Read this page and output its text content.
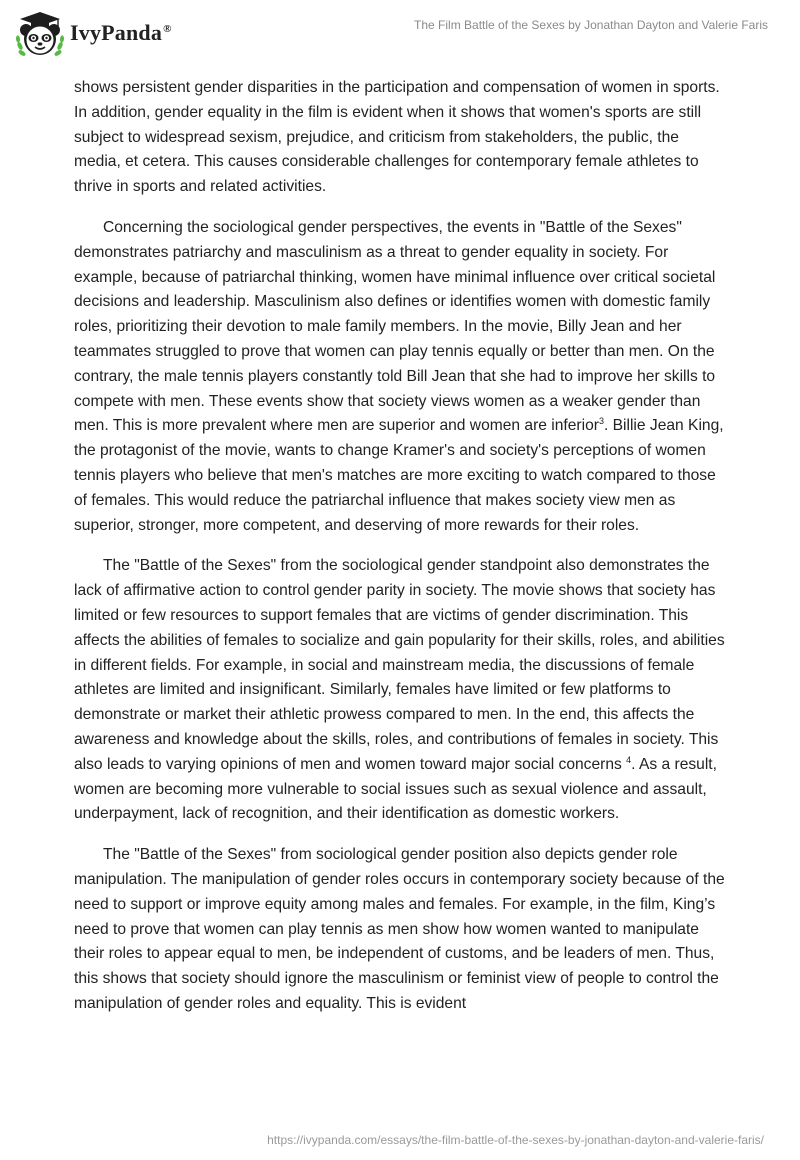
IvyPanda®	The Film Battle of the Sexes by Jonathan Dayton and Valerie Faris

shows persistent gender disparities in the participation and compensation of women in sports. In addition, gender equality in the film is evident when it shows that women's sports are still subject to widespread sexism, prejudice, and criticism from stakeholders, the public, the media, et cetera. This causes considerable challenges for contemporary female athletes to thrive in sports and related activities.

Concerning the sociological gender perspectives, the events in "Battle of the Sexes" demonstrates patriarchy and masculinism as a threat to gender equality in society. For example, because of patriarchal thinking, women have minimal influence over critical societal decisions and leadership. Masculinism also defines or identifies women with domestic family roles, prioritizing their devotion to male family members. In the movie, Billy Jean and her teammates struggled to prove that women can play tennis equally or better than men. On the contrary, the male tennis players constantly told Bill Jean that she had to improve her skills to compete with men. These events show that society views women as a weaker gender than men. This is more prevalent where men are superior and women are inferior$^3$. Billie Jean King, the protagonist of the movie, wants to change Kramer's and society's perceptions of women tennis players who believe that men's matches are more exciting to watch compared to those of females. This would reduce the patriarchal influence that makes society view men as superior, stronger, more competent, and deserving of more rewards for their roles.

The "Battle of the Sexes" from the sociological gender standpoint also demonstrates the lack of affirmative action to control gender parity in society. The movie shows that society has limited or few resources to support females that are victims of gender discrimination. This affects the abilities of females to socialize and gain popularity for their skills, roles, and abilities in different fields. For example, in social and mainstream media, the discussions of female athletes are limited and insignificant. Similarly, females have limited or few platforms to demonstrate or market their athletic prowess compared to men. In the end, this affects the awareness and knowledge about the skills, roles, and contributions of females in society. This also leads to varying opinions of men and women toward major social concerns $^4$. As a result, women are becoming more vulnerable to social issues such as sexual violence and assault, underpayment, lack of recognition, and their identification as domestic workers.

The "Battle of the Sexes" from sociological gender position also depicts gender role manipulation. The manipulation of gender roles occurs in contemporary society because of the need to support or improve equity among males and females. For example, in the film, King’s need to prove that women can play tennis as men show how women wanted to manipulate their roles to appear equal to men, be independent of customs, and be leaders of men. Thus, this shows that society should ignore the masculinism or feminist view of people to control the manipulation of gender roles and equality. This is evident

https://ivypanda.com/essays/the-film-battle-of-the-sexes-by-jonathan-dayton-and-valerie-faris/
